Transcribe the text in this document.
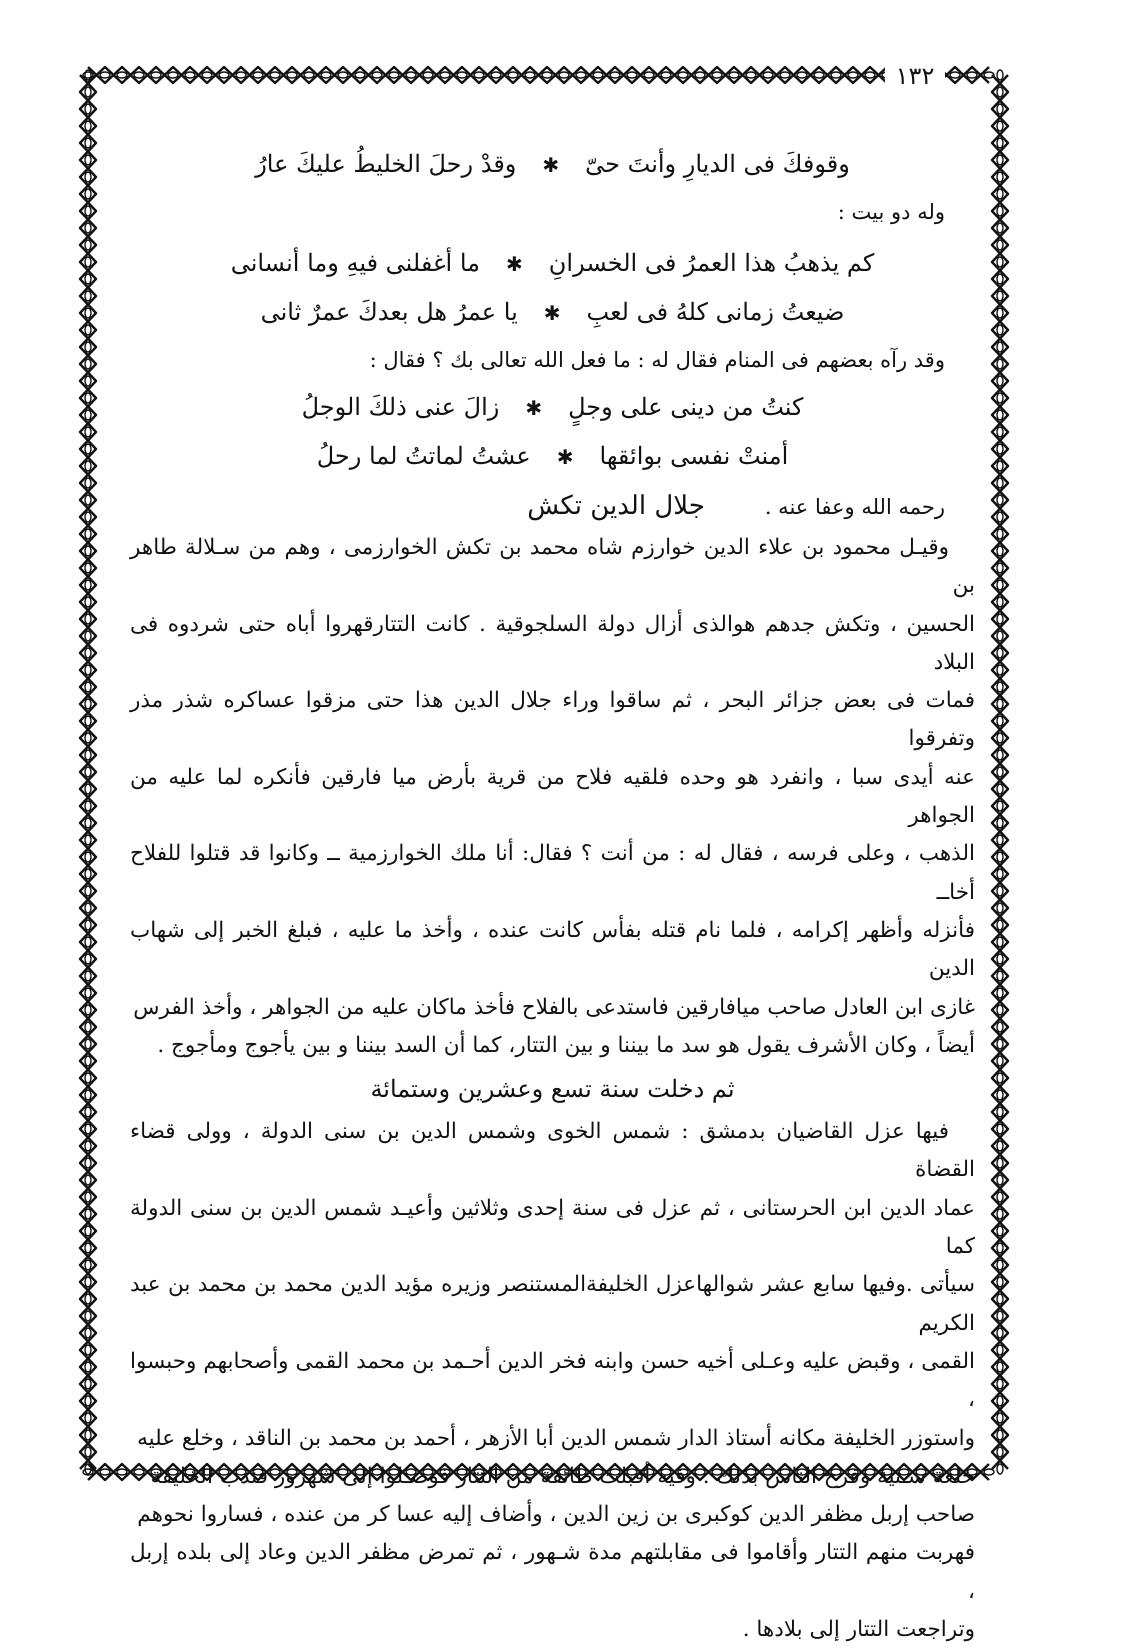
١٣٢
وقوفكَ فى الديارِ وأنتَ حىّ
✱
وقدْ رحلَ الخليطُ عليكَ عارُ

وله دو بيت :

كم يذهبُ هذا العمرُ فى الخسرانِ
✱
ما أغفلنى فيهِ وما أنسانى
ضيعتُ زمانى كلهُ فى لعبِ
✱
يا عمرُ هل بعدكَ عمرٌ ثانى

وقد رآه بعضهم فى المنام فقال له : ما فعل الله تعالى بك ؟ فقال :

كنتُ من دينى على وجلٍ
✱
زالَ عنى ذلكَ الوجلُ
أمنتْ نفسى بوائقها
✱
عشتُ لماتتُ لما رحلُ
رحمه الله وعفا عنه .
جلال الدين تكش

وقيـل محمود بن علاء الدين خوارزم شاه محمد بن تكش الخوارزمى ، وهم من سـلالة طاهر بن

الحسين ، وتكش جدهم هوالذى أزال دولة السلجوقية . كانت التتارقهروا أباه حتى شردوه فى البلاد

فمات فى بعض جزائر البحر ، ثم ساقوا وراء جلال الدين هذا حتى مزقوا عساكره شذر مذر وتفرقوا

عنه أيدى سبا ، وانفرد هو وحده فلقيه فلاح من قرية بأرض ميا فارقين فأنكره لما عليه من الجواهر

الذهب ، وعلى فرسه ، فقال له : من أنت ؟ فقال: أنا ملك الخوارزمية ــ وكانوا قد قتلوا للفلاح أخاــ

فأنزله وأظهر إكرامه ، فلما نام قتله بفأس كانت عنده ، وأخذ ما عليه ، فبلغ الخبر إلى شهاب الدين

غازى ابن العادل صاحب ميافارقين فاستدعى بالفلاح فأخذ ماكان عليه من الجواهر ، وأخذ الفرس

أيضاً ، وكان الأشرف يقول هو سد ما بيننا و بين التتار، كما أن السد بيننا و بين يأجوج ومأجوج .

ثم دخلت سنة تسع وعشرين وستمائة

فيها عزل القاضيان بدمشق : شمس الخوى وشمس الدين بن سنى الدولة ، وولى قضاء القضاة

عماد الدين ابن الحرستانى ، ثم عزل فى سنة إحدى وثلاثين وأعيـد شمس الدين بن سنى الدولة كما

سيأتى .وفيها سابع عشر شوالهاعزل الخليفةالمستنصر وزيره مؤيد الدين محمد بن محمد بن عبد الكريم

القمى ، وقبض عليه وعـلى أخيه حسن وابنه فخر الدين أحـمد بن محمد القمى وأصحابهم وحبسوا ،

واستوزر الخليفة مكانه أستاذ الدار شمس الدين أبا الأزهر ، أحمد بن محمد بن الناقد ، وخلع عليه

خلعة سـنية وفرح الناس بذلك . وفيه أقبلت طائفة من التتار فوصـلوا إلى شهزور فندب الخليفة

صاحب إربل مظفر الدين كوكبرى بن زين الدين ، وأضاف إليه عسا كر من عنده ، فساروا نحوهم

فهربت منهم التتار وأقاموا فى مقابلتهم مدة شـهور ، ثم تمرض مظفر الدين وعاد إلى بلده إربل ،

وتراجعت التتار إلى بلادها .
